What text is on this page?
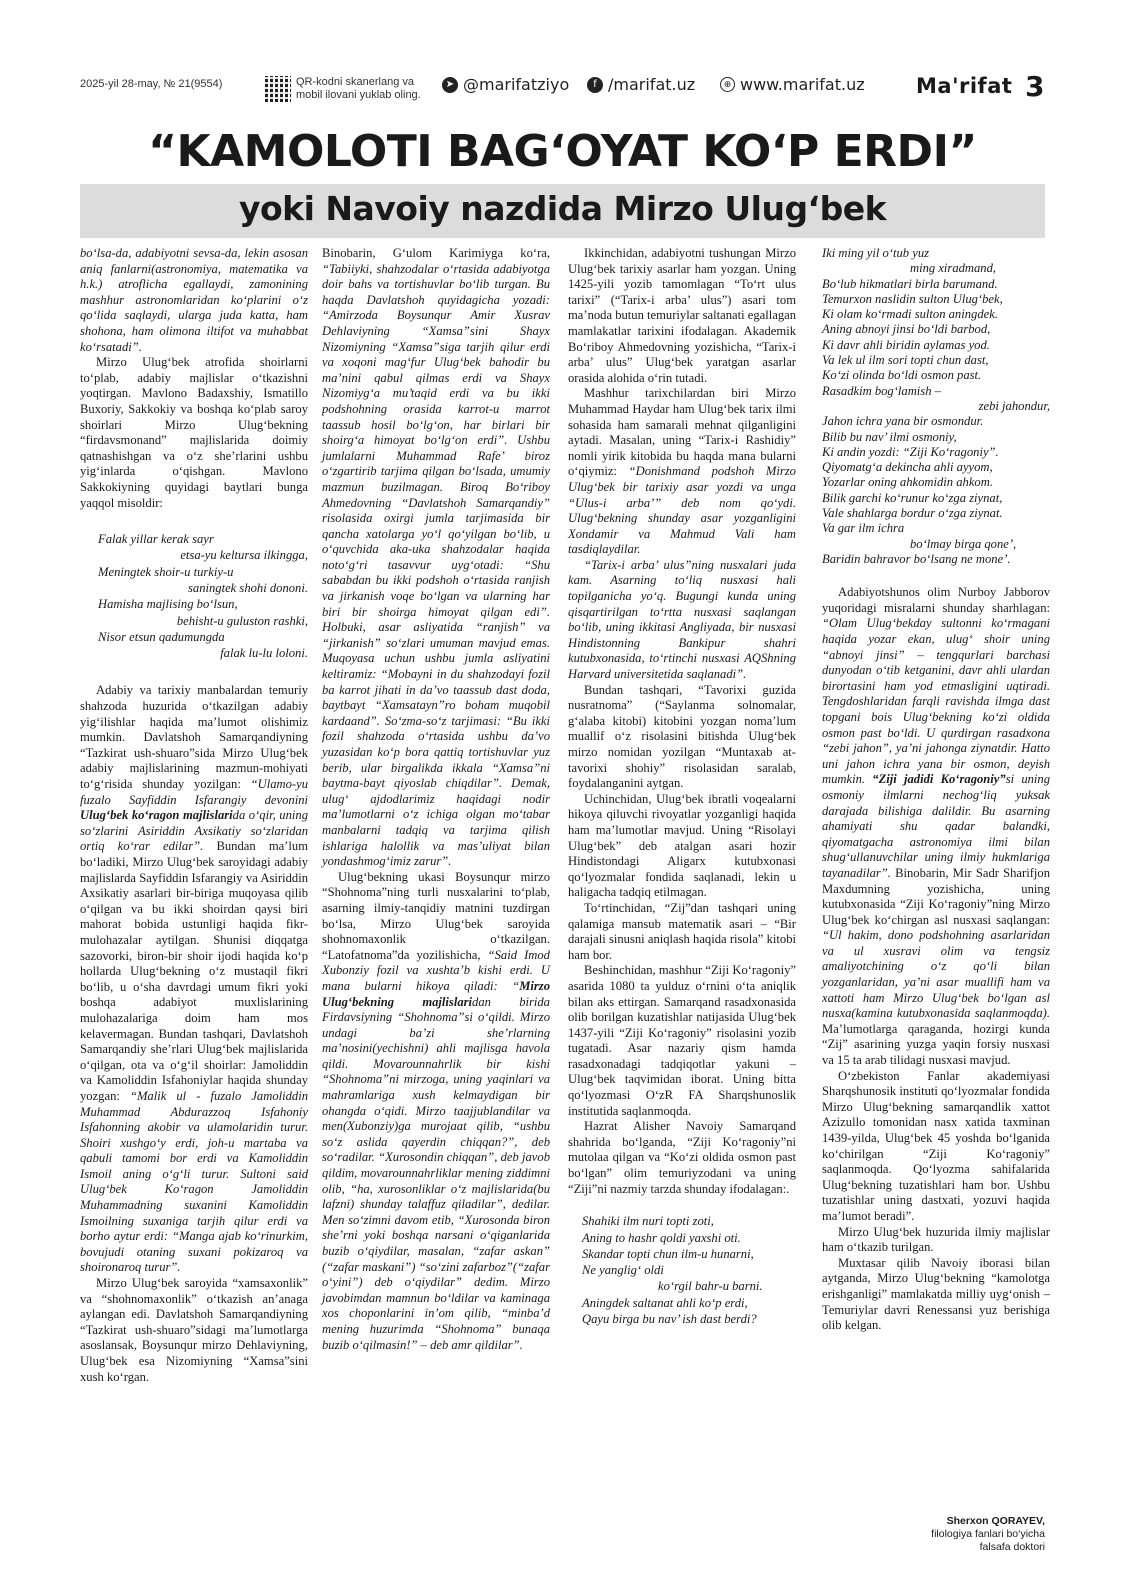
2025-yil 28-may, № 21(9554)	QR-kodni skanerlang va
mobil ilovani yuklab oling.
➤ @marifatziyo	f /marifat.uz	⊕ www.marifat.uz Ma'rifat 3
“KAMOLOTI BAG‘OYAT KO‘P ERDI”
yoki Navoiy nazdida Mirzo Ulug‘bek

bo‘lsa-da, adabiyotni sevsa-da, lekin asosan aniq fanlarni(astronomiya, matematika va h.k.) atroflicha egallaydi, zamonining mashhur astronomlaridan ko‘plarini o‘z qo‘lida saqlaydi, ularga juda katta, ham shohona, ham olimona iltifot va muhabbat ko‘rsatadi”.

Mirzo Ulug‘bek atrofida shoirlarni to‘plab, adabiy majlislar o‘tkazishni yoqtirgan. Mavlono Badaxshiy, Ismatillo Buxoriy, Sakkokiy va boshqa ko‘plab saroy shoirlari Mirzo Ulug‘bekning “firdavsmonand” majlislarida doimiy qatnashishgan va o‘z she’rlarini ushbu yig‘inlarda o‘qishgan. Mavlono Sakkokiyning quyidagi baytlari bunga yaqqol misoldir:

Falak yillar kerak sayr
etsa-yu keltursa ilkingga,
Meningtek shoir-u turkiy-u
saningtek shohi dononi.
Hamisha majlising bo‘lsun,
behisht-u guluston rashki,
Nisor etsun qadumungda
falak lu-lu loloni.

Adabiy va tarixiy manbalardan temuriy shahzoda huzurida o‘tkazilgan adabiy yig‘ilishlar haqida ma’lumot olishimiz mumkin. Davlatshoh Samarqandiyning “Tazkirat ush-shuaro”sida Mirzo Ulug‘bek adabiy majlislarining mazmun-mohiyati to‘g‘risida shunday yozilgan: “Ulamo-yu fuzalo Sayfiddin Isfarangiy devonini Ulug‘bek ko‘ragon majlislarida o‘qir, uning so‘zlarini Asiriddin Axsikatiy so‘zlaridan ortiq ko‘rar edilar”. Bundan ma’lum bo‘ladiki, Mirzo Ulug‘bek saroyidagi adabiy majlislarda Sayfiddin Isfarangiy va Asiriddin Axsikatiy asarlari bir-biriga muqoyasa qilib o‘qilgan va bu ikki shoirdan qaysi biri mahorat bobida ustunligi haqida fikr-mulohazalar aytilgan. Shunisi diqqatga sazovorki, biron-bir shoir ijodi haqida ko‘p hollarda Ulug‘bekning o‘z mustaqil fikri bo‘lib, u o‘sha davrdagi umum fikri yoki boshqa adabiyot muxlislarining mulohazalariga doim ham mos kelavermagan. Bundan tashqari, Davlatshoh Samarqandiy she’rlari Ulug‘bek majlislarida o‘qilgan, ota va o‘g‘il shoirlar: Jamoliddin va Kamoliddin Isfahoniylar haqida shunday yozgan: “Malik ul - fuzalo Jamoliddin Muhammad Abdurazzoq Isfahoniy Isfahonning akobir va ulamolaridin turur. Shoiri xushgo‘y erdi, joh-u martaba va qabuli tamomi bor erdi va Kamoliddin Ismoil aning o‘g‘li turur. Sultoni said Ulug‘bek Ko‘ragon Jamoliddin Muhammadning suxanini Kamoliddin Ismoilning suxaniga tarjih qilur erdi va borho aytur erdi: “Manga ajab ko‘rinurkim, bovujudi otaning suxani pokizaroq va shoironaroq turur”.

Mirzo Ulug‘bek saroyida “xamsaxonlik” va “shohnomaxonlik” o‘tkazish an’anaga aylangan edi. Davlatshoh Samarqandiyning “Tazkirat ush-shuaro”sidagi ma’lumotlarga asoslansak, Boysunqur mirzo Dehlaviyning, Ulug‘bek esa Nizomiyning “Xamsa”sini xush ko‘rgan.

Binobarin, G‘ulom Karimiyga ko‘ra, “Tabiiyki, shahzodalar o‘rtasida adabiyotga doir bahs va tortishuvlar bo‘lib turgan. Bu haqda Davlatshoh quyidagicha yozadi: “Amirzoda Boysunqur Amir Xusrav Dehlaviyning “Xamsa”sini Shayx Nizomiyning “Xamsa”siga tarjih qilur erdi va xoqoni mag‘fur Ulug‘bek bahodir bu ma’nini qabul qilmas erdi va Shayx Nizomiyg‘a mu’taqid erdi va bu ikki podshohning orasida karrot-u marrot taassub hosil bo‘lg‘on, har birlari bir shoirg‘a himoyat bo‘lg‘on erdi”. Ushbu jumlalarni Muhammad Rafe’ biroz o‘zgartirib tarjima qilgan bo‘lsada, umumiy mazmun buzilmagan. Biroq Bo‘riboy Ahmedovning “Davlatshoh Samarqandiy” risolasida oxirgi jumla tarjimasida bir qancha xatolarga yo‘l qo‘yilgan bo‘lib, u o‘quvchida aka-uka shahzodalar haqida noto‘g‘ri tasavvur uyg‘otadi: “Shu sababdan bu ikki podshoh o‘rtasida ranjish va jirkanish voqe bo‘lgan va ularning har biri bir shoirga himoyat qilgan edi”. Holbuki, asar asliyatida “ranjish” va “jirkanish” so‘zlari umuman mavjud emas. Muqoyasa uchun ushbu jumla asliyatini keltiramiz: “Mobayni in du shahzodayi fozil ba karrot jihati in da’vo taassub dast doda, baytbayt “Xamsatayn”ro boham muqobil kardaand”. So‘zma-so‘z tarjimasi: “Bu ikki fozil shahzoda o‘rtasida ushbu da’vo yuzasidan ko‘p bora qattiq tortishuvlar yuz berib, ular birgalikda ikkala “Xamsa”ni baytma-bayt qiyoslab chiqdilar”. Demak, ulug‘ ajdodlarimiz haqidagi nodir ma’lumotlarni o‘z ichiga olgan mo‘tabar manbalarni tadqiq va tarjima qilish ishlariga halollik va mas’uliyat bilan yondashmog‘imiz zarur”.

Ulug‘bekning ukasi Boysunqur mirzo “Shohnoma”ning turli nusxalarini to‘plab, asarning ilmiy-tanqidiy matnini tuzdirgan bo‘lsa, Mirzo Ulug‘bek saroyida shohnomaxonlik o‘tkazilgan. “Latofatnoma”da yozilishicha, “Said Imod Xubonziy fozil va xushta’b kishi erdi. U mana bularni hikoya qiladi: “Mirzo Ulug‘bekning majlislaridan birida Firdavsiyning “Shohnoma”si o‘qildi. Mirzo undagi ba’zi she’rlarning ma’nosini(yechishni) ahli majlisga havola qildi. Movarounnahrlik bir kishi “Shohnoma”ni mirzoga, uning yaqinlari va mahramlariga xush kelmaydigan bir ohangda o‘qidi. Mirzo taajjublandilar va men(Xubonziy)ga murojaat qilib, “ushbu so‘z aslida qayerdin chiqqan?”, deb so‘radilar. “Xurosondin chiqqan”, deb javob qildim, movarounnahrliklar mening ziddimni olib, “ha, xurosonliklar o‘z majlislarida(bu lafzni) shunday talaffuz qiladilar”, dedilar. Men so‘zimni davom etib, “Xurosonda biron she’rni yoki boshqa narsani o‘qiganlarida buzib o‘qiydilar, masalan, “zafar askan” (“zafar maskani”) “so‘zini zafarboz”(“zafar o‘yini”) deb o‘qiydilar” dedim. Mirzo javobimdan mamnun bo‘ldilar va kaminaga xos choponlarini in’om qilib, “minba’d mening huzurimda “Shohnoma” bunaqa buzib o‘qilmasin!” – deb amr qildilar”.

Ikkinchidan, adabiyotni tushungan Mirzo Ulug‘bek tarixiy asarlar ham yozgan. Uning 1425-yili yozib tamomlagan “To‘rt ulus tarixi” (“Tarix-i arba’ ulus”) asari tom ma’noda butun temuriylar saltanati egallagan mamlakatlar tarixini ifodalagan. Akademik Bo‘riboy Ahmedovning yozishicha, “Tarix-i arba’ ulus” Ulug‘bek yaratgan asarlar orasida alohida o‘rin tutadi.

Mashhur tarixchilardan biri Mirzo Muhammad Haydar ham Ulug‘bek tarix ilmi sohasida ham samarali mehnat qilganligini aytadi. Masalan, uning “Tarix-i Rashidiy” nomli yirik kitobida bu haqda mana bularni o‘qiymiz: “Donishmand podshoh Mirzo Ulug‘bek bir tarixiy asar yozdi va unga “Ulus-i arba’” deb nom qo‘ydi. Ulug‘bekning shunday asar yozganligini Xondamir va Mahmud Vali ham tasdiqlaydilar.

“Tarix-i arba’ ulus”ning nusxalari juda kam. Asarning to‘liq nusxasi hali topilganicha yo‘q. Bugungi kunda uning qisqartirilgan to‘rtta nusxasi saqlangan bo‘lib, uning ikkitasi Angliyada, bir nusxasi Hindistonning Bankipur shahri kutubxonasida, to‘rtinchi nusxasi AQShning Harvard universitetida saqlanadi”.

Bundan tashqari, “Tavorixi guzida nusratnoma” (“Saylanma solnomalar, g‘alaba kitobi) kitobini yozgan noma’lum muallif o‘z risolasini bitishda Ulug‘bek mirzo nomidan yozilgan “Muntaxab at-tavorixi shohiy” risolasidan saralab, foydalanganini aytgan.

Uchinchidan, Ulug‘bek ibratli voqealarni hikoya qiluvchi rivoyatlar yozganligi haqida ham ma’lumotlar mavjud. Uning “Risolayi Ulug‘bek” deb atalgan asari hozir Hindistondagi Aligarx kutubxonasi qo‘lyozmalar fondida saqlanadi, lekin u haligacha tadqiq etilmagan.

To‘rtinchidan, “Zij”dan tashqari uning qalamiga mansub matematik asari – “Bir darajali sinusni aniqlash haqida risola” kitobi ham bor.

Beshinchidan, mashhur “Ziji Ko‘ragoniy” asarida 1080 ta yulduz o‘rnini o‘ta aniqlik bilan aks ettirgan. Samarqand rasadxonasida olib borilgan kuzatishlar natijasida Ulug‘bek 1437-yili “Ziji Ko‘ragoniy” risolasini yozib tugatadi. Asar nazariy qism hamda rasadxonadagi tadqiqotlar yakuni – Ulug‘bek taqvimidan iborat. Uning bitta qo‘lyozmasi O‘zR FA Sharqshunoslik institutida saqlanmoqda.

Hazrat Alisher Navoiy Samarqand shahrida bo‘lganda, “Ziji Ko‘ragoniy”ni mutolaa qilgan va “Ko‘zi oldida osmon past bo‘lgan” olim temuriyzodani va uning “Ziji”ni nazmiy tarzda shunday ifodalagan:.

Shahiki ilm nuri topti zoti,
Aning to hashr qoldi yaxshi oti.
Skandar topti chun ilm-u hunarni,
Ne yanglig‘ oldi
ko‘rgil bahr-u barni.
Aningdek saltanat ahli ko‘p erdi,
Qayu birga bu nav’ ish dast berdi?
Iki ming yil o‘tub yuz
ming xiradmand,
Bo‘lub hikmatlari birla barumand.
Temurxon naslidin sulton Ulug‘bek,
Ki olam ko‘rmadi sulton aningdek.
Aning abnoyi jinsi bo‘ldi barbod,
Ki davr ahli biridin aylamas yod.
Va lek ul ilm sori topti chun dast,
Ko‘zi olinda bo‘ldi osmon past.
Rasadkim bog‘lamish –
zebi jahondur,
Jahon ichra yana bir osmondur.
Bilib bu nav’ ilmi osmoniy,
Ki andin yozdi: “Ziji Ko‘ragoniy”.
Qiyomatg‘a dekincha ahli ayyom,
Yozarlar oning ahkomidin ahkom.
Bilik garchi ko‘runur ko‘zga ziynat,
Vale shahlarga bordur o‘zga ziynat.
Va gar ilm ichra
bo‘lmay birga qone’,
Baridin bahravor bo‘lsang ne mone’.

Adabiyotshunos olim Nurboy Jabborov yuqoridagi misralarni shunday sharhlagan: “Olam Ulug‘bekday sultonni ko‘rmagani haqida yozar ekan, ulug‘ shoir uning “abnoyi jinsi” – tengqurlari barchasi dunyodan o‘tib ketganini, davr ahli ulardan birortasini ham yod etmasligini uqtiradi. Tengdoshlaridan farqli ravishda ilmga dast topgani bois Ulug‘bekning ko‘zi oldida osmon past bo‘ldi. U qurdirgan rasadxona “zebi jahon”, ya’ni jahonga ziynatdir. Hatto uni jahon ichra yana bir osmon, deyish mumkin. “Ziji jadidi Ko‘ragoniy”si uning osmoniy ilmlarni nechog‘liq yuksak darajada bilishiga dalildir. Bu asarning ahamiyati shu qadar balandki, qiyomatgacha astronomiya ilmi bilan shug‘ullanuvchilar uning ilmiy hukmlariga tayanadilar”. Binobarin, Mir Sadr Sharifjon Maxdumning yozishicha, uning kutubxonasida “Ziji Ko‘ragoniy”ning Mirzo Ulug‘bek ko‘chirgan asl nusxasi saqlangan: “Ul hakim, dono podshohning asarlaridan va ul xusravi olim va tengsiz amaliyotchining o‘z qo‘li bilan yozganlaridan, ya’ni asar muallifi ham va xattoti ham Mirzo Ulug‘bek bo‘lgan asl nusxa(kamina kutubxonasida saqlanmoqda). Ma’lumotlarga qaraganda, hozirgi kunda “Zij” asarining yuzga yaqin forsiy nusxasi va 15 ta arab tilidagi nusxasi mavjud.

O‘zbekiston Fanlar akademiyasi Sharqshunosik instituti qo‘lyozmalar fondida Mirzo Ulug‘bekning samarqandlik xattot Azizullo tomonidan nasx xatida taxminan 1439-yilda, Ulug‘bek 45 yoshda bo‘lganida ko‘chirilgan “Ziji Ko‘ragoniy” saqlanmoqda. Qo‘lyozma sahifalarida Ulug‘bekning tuzatishlari ham bor. Ushbu tuzatishlar uning dastxati, yozuvi haqida ma’lumot beradi”.

Mirzo Ulug‘bek huzurida ilmiy majlislar ham o‘tkazib turilgan.

Muxtasar qilib Navoiy iborasi bilan aytganda, Mirzo Ulug‘bekning “kamolotga erishganligi” mamlakatda milliy uyg‘onish – Temuriylar davri Renessansi yuz berishiga olib kelgan.

Sherxon QORAYEV,
filologiya fanlari bo‘yicha
falsafa doktori
